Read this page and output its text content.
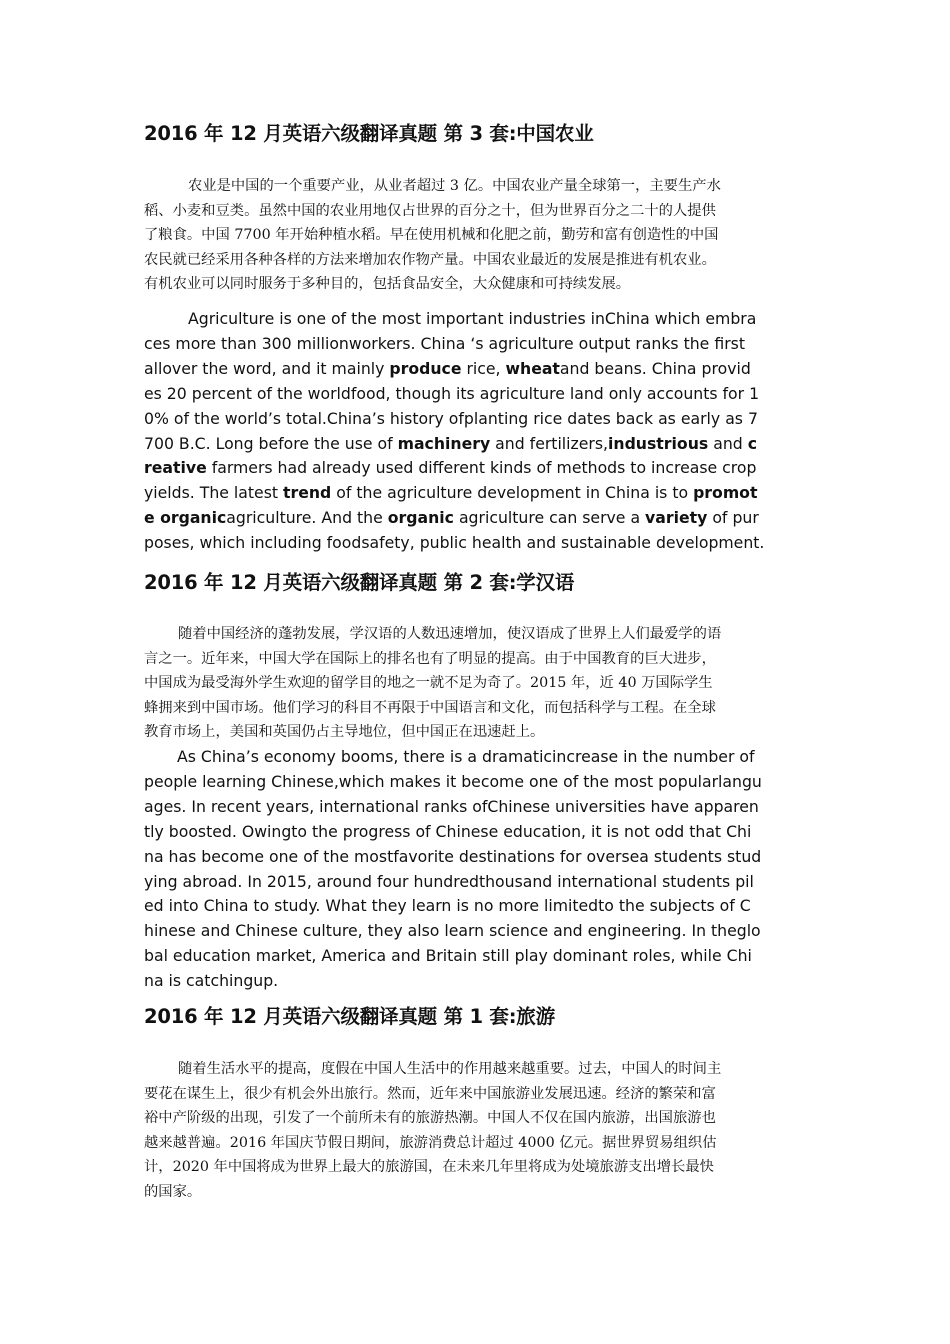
2016 年 12 月英语六级翻译真题 第 3 套:中国农业
农业是中国的一个重要产业，从业者超过 3 亿。中国农业产量全球第一，主要生产水
稻、小麦和豆类。虽然中国的农业用地仅占世界的百分之十，但为世界百分之二十的人提供
了粮食。中国 7700 年开始种植水稻。早在使用机械和化肥之前，勤劳和富有创造性的中国
农民就已经采用各种各样的方法来增加农作物产量。中国农业最近的发展是推进有机农业。
有机农业可以同时服务于多种目的，包括食品安全，大众健康和可持续发展。
Agriculture is one of the most important industries inChina which embra
ces more than 300 millionworkers. China ‘s agriculture output ranks the first
allover the word, and it mainly produce rice, wheatand beans. China provid
es 20 percent of the worldfood, though its agriculture land only accounts for 1
0% of the world’s total.China’s history ofplanting rice dates back as early as 7
700 B.C. Long before the use of machinery and fertilizers,industrious and c
reative farmers had already used different kinds of methods to increase crop
yields. The latest trend of the agriculture development in China is to promot
e organicagriculture. And the organic agriculture can serve a variety of pur
poses, which including foodsafety, public health and sustainable development.
2016 年 12 月英语六级翻译真题 第 2 套:学汉语
随着中国经济的蓬勃发展，学汉语的人数迅速增加，使汉语成了世界上人们最爱学的语
言之一。近年来，中国大学在国际上的排名也有了明显的提高。由于中国教育的巨大进步，
中国成为最受海外学生欢迎的留学目的地之一就不足为奇了。2015 年，近 40 万国际学生
蜂拥来到中国市场。他们学习的科目不再限于中国语言和文化，而包括科学与工程。在全球
教育市场上，美国和英国仍占主导地位，但中国正在迅速赶上。
As China’s economy booms, there is a dramaticincrease in the number of
people learning Chinese,which makes it become one of the most popularlangu
ages. In recent years, international ranks ofChinese universities have apparen
tly boosted. Owingto the progress of Chinese education, it is not odd that Chi
na has become one of the mostfavorite destinations for oversea students stud
ying abroad. In 2015, around four hundredthousand international students pil
ed into China to study. What they learn is no more limitedto the subjects of C
hinese and Chinese culture, they also learn science and engineering. In theglo
bal education market, America and Britain still play dominant roles, while Chi
na is catchingup.
2016 年 12 月英语六级翻译真题 第 1 套:旅游
随着生活水平的提高，度假在中国人生活中的作用越来越重要。过去，中国人的时间主
要花在谋生上，很少有机会外出旅行。然而，近年来中国旅游业发展迅速。经济的繁荣和富
裕中产阶级的出现，引发了一个前所未有的旅游热潮。中国人不仅在国内旅游，出国旅游也
越来越普遍。2016 年国庆节假日期间，旅游消费总计超过 4000 亿元。据世界贸易组织估
计，2020 年中国将成为世界上最大的旅游国，在未来几年里将成为处境旅游支出增长最快
的国家。
